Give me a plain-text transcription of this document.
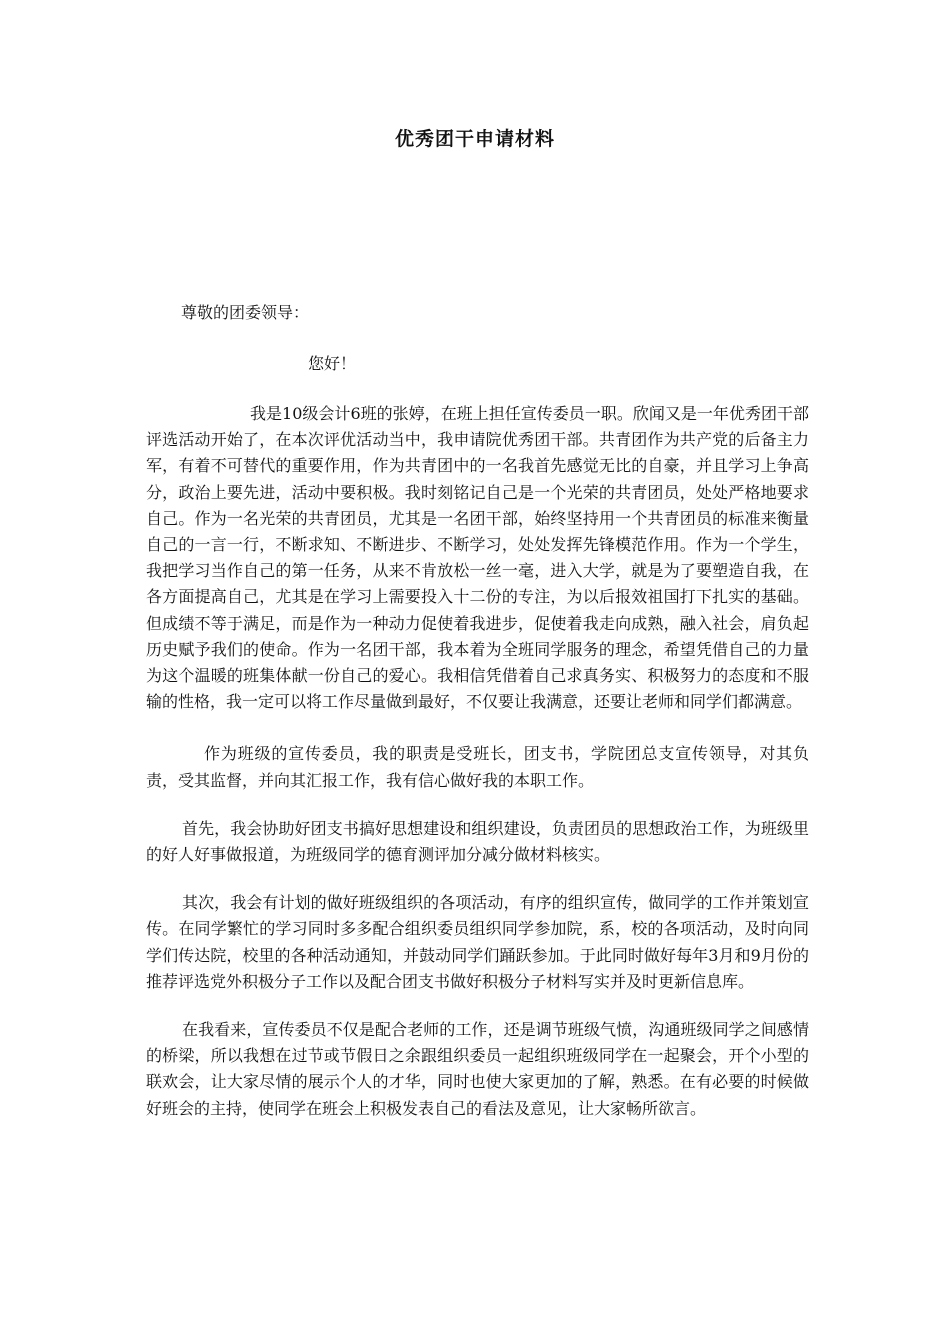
优秀团干申请材料
尊敬的团委领导：
您好！

我是10级会计6班的张婷，在班上担任宣传委员一职。欣闻又是一年优秀团干部评选活动开始了，在本次评优活动当中，我申请院优秀团干部。共青团作为共产党的后备主力军，有着不可替代的重要作用，作为共青团中的一名我首先感觉无比的自豪，并且学习上争高分，政治上要先进，活动中要积极。我时刻铭记自己是一个光荣的共青团员，处处严格地要求自己。作为一名光荣的共青团员，尤其是一名团干部，始终坚持用一个共青团员的标准来衡量自己的一言一行，不断求知、不断进步、不断学习，处处发挥先锋模范作用。作为一个学生，我把学习当作自己的第一任务，从来不肯放松一丝一毫，进入大学，就是为了要塑造自我，在各方面提高自己，尤其是在学习上需要投入十二份的专注，为以后报效祖国打下扎实的基础。但成绩不等于满足，而是作为一种动力促使着我进步，促使着我走向成熟，融入社会，肩负起历史赋予我们的使命。作为一名团干部，我本着为全班同学服务的理念，希望凭借自己的力量为这个温暖的班集体献一份自己的爱心。我相信凭借着自己求真务实、积极努力的态度和不服输的性格，我一定可以将工作尽量做到最好，不仅要让我满意，还要让老师和同学们都满意。

作为班级的宣传委员，我的职责是受班长，团支书，学院团总支宣传领导，对其负责，受其监督，并向其汇报工作，我有信心做好我的本职工作。

首先，我会协助好团支书搞好思想建设和组织建设，负责团员的思想政治工作，为班级里的好人好事做报道，为班级同学的德育测评加分减分做材料核实。

其次，我会有计划的做好班级组织的各项活动，有序的组织宣传，做同学的工作并策划宣传。在同学繁忙的学习同时多多配合组织委员组织同学参加院，系，校的各项活动，及时向同学们传达院，校里的各种活动通知，并鼓动同学们踊跃参加。于此同时做好每年3月和9月份的推荐评选党外积极分子工作以及配合团支书做好积极分子材料写实并及时更新信息库。

在我看来，宣传委员不仅是配合老师的工作，还是调节班级气愤，沟通班级同学之间感情的桥梁，所以我想在过节或节假日之余跟组织委员一起组织班级同学在一起聚会，开个小型的联欢会，让大家尽情的展示个人的才华，同时也使大家更加的了解，熟悉。在有必要的时候做好班会的主持，使同学在班会上积极发表自己的看法及意见，让大家畅所欲言。
